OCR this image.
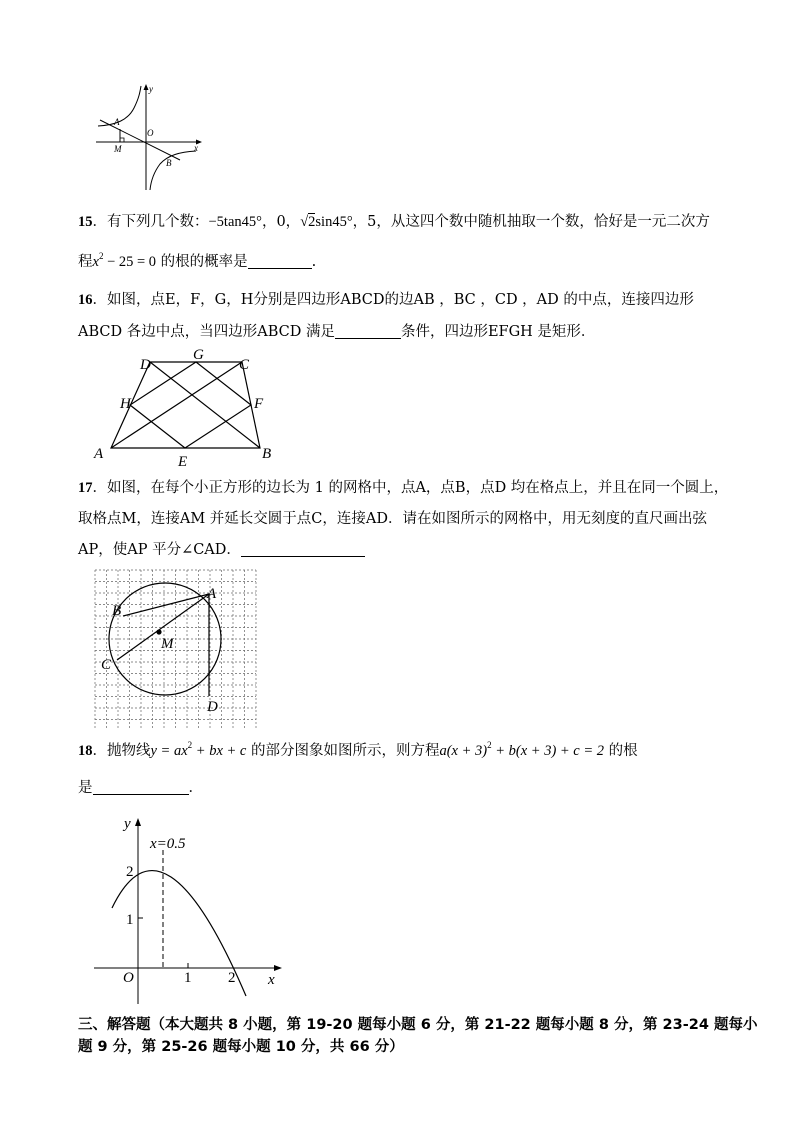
y
x
A
O
M
B
15．有下列几个数：−5tan45°，0，√2sin45°，5，从这四个数中随机抽取一个数，恰好是一元二次方
程$x^2 - 25 = 0$ 的根的概率是	.
16．如图，点E，F，G，H分别是四边形ABCD的边AB ，BC ，CD ，AD 的中点，连接四边形
ABCD 各边中点，当四边形ABCD 满足	条件，四边形EFGH 是矩形．
A	B
C
D
E
F
G
H
17．如图，在每个小正方形的边长为 1 的网格中，点A，点B，点D 均在格点上，并且在同一个圆上，
取格点M，连接AM 并延长交圆于点C，连接AD．请在如图所示的网格中，用无刻度的直尺画出弦
AP，使AP 平分∠CAD．
A
B
C
D
M
18．抛物线$y = ax^2$ + bx + c 的部分图象如图所示，则方程$a(x + 3)^2 + b(x + 3) + c = 2$ 的根
是	．
y
x
x=0.5
O	1 2
1
2
三、解答题（本大题共 8 小题，第 19-20 题每小题 6 分，第 21-22 题每小题 8 分，第 23-24 题每小题 9 分，第 25-26 题每小题 10 分，共 66 分）
